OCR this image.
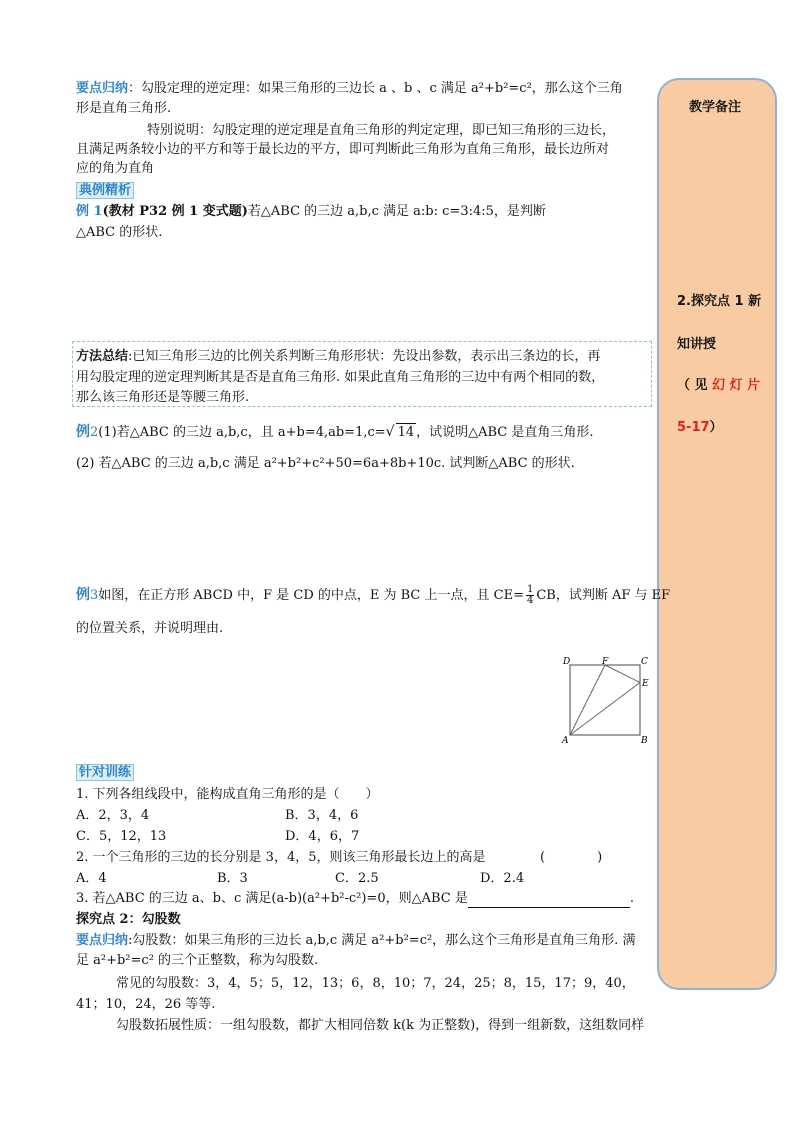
教学备注
2.探究点 1 新
知讲授
（ 见 幻 灯 片
5-17）
要点归纳：勾股定理的逆定理：如果三角形的三边长 a 、b 、c 满足 a²+b²=c²，那么这个三角
形是直角三角形.
特别说明：勾股定理的逆定理是直角三角形的判定定理，即已知三角形的三边长，
且满足两条较小边的平方和等于最长边的平方，即可判断此三角形为直角三角形，最长边所对
应的角为直角
典例精析
例 1(教材 P32 例 1 变式题)若△ABC 的三边 a,b,c 满足 a:b: c=3:4:5，是判断
△ABC 的形状.
方法总结:已知三角形三边的比例关系判断三角形形状：先设出参数，表示出三条边的长，再
用勾股定理的逆定理判断其是否是直角三角形. 如果此直角三角形的三边中有两个相同的数，
那么该三角形还是等腰三角形.
例2(1)若△ABC 的三边 a,b,c，且 a+b=4,ab=1,c=√ 14 ，试说明△ABC 是直角三角形.
(2) 若△ABC 的三边 a,b,c 满足 a²+b²+c²+50=6a+8b+10c. 试判断△ABC 的形状.
例3如图，在正方形 ABCD 中，F 是 CD 的中点，E 为 BC 上一点，且 $CE= \frac{1}{4}$ CB，试判断 AF 与 EF
的位置关系，并说明理由.
D	F	C
E
A	B
针对训练
1. 下列各组线段中，能构成直角三角形的是（　　）
A．2，3，4	B．3，4，6
C．5，12，13	D．4，6，7
2. 一个三角形的三边的长分别是 3，4，5，则该三角形最长边上的高是	(　　　　)
A．4	B．3	C．2.5	D．2.4
3. 若△ABC 的三边 a、b、c 满足(a-b)(a²+b²-c²)=0，则△ABC 是	.
探究点 2：勾股数
要点归纳:勾股数：如果三角形的三边长 a,b,c 满足 a²+b²=c²，那么这个三角形是直角三角形. 满
足 a²+b²=c² 的三个正整数，称为勾股数.
常见的勾股数：3，4，5；5，12，13；6，8，10；7，24，25；8，15，17；9，40，
41；10，24，26 等等.
勾股数拓展性质：一组勾股数，都扩大相同倍数 k(k 为正整数)，得到一组新数，这组数同样
